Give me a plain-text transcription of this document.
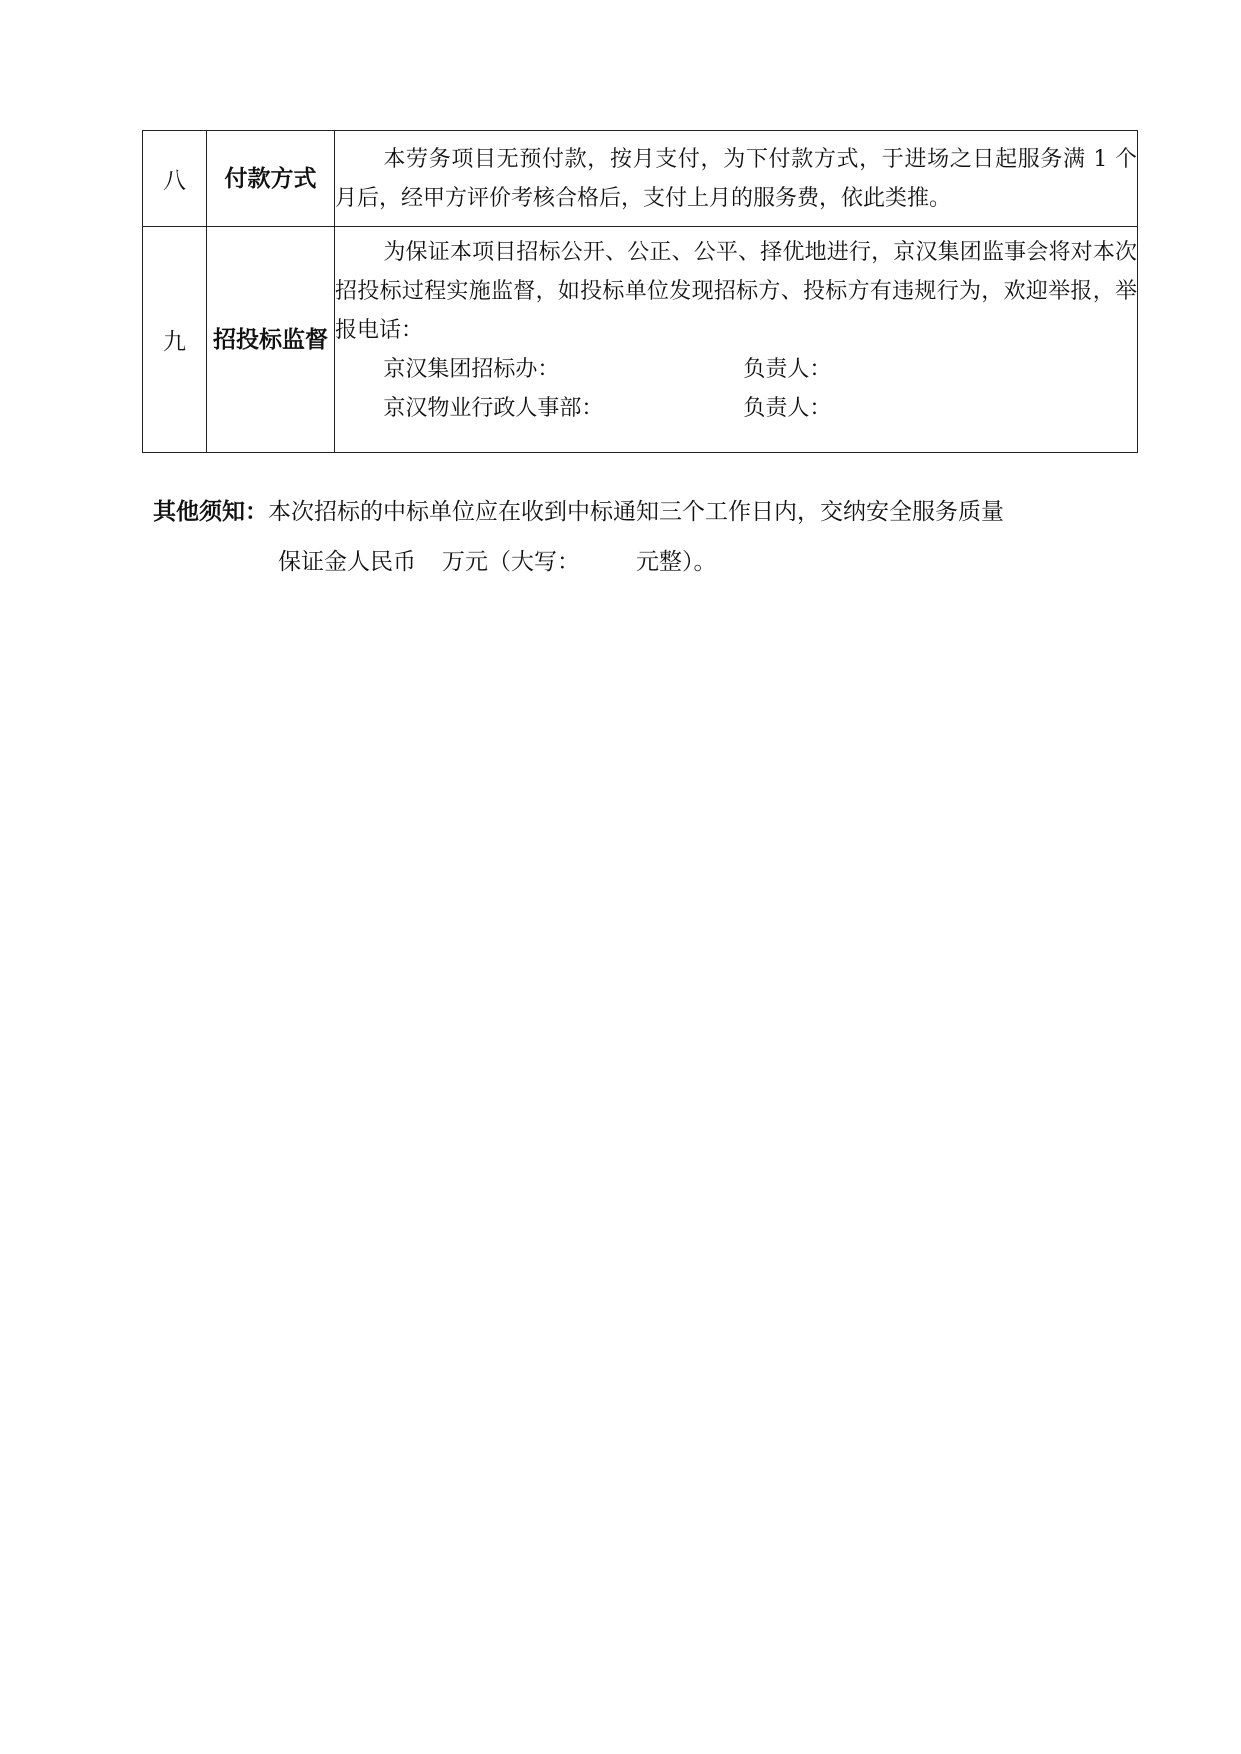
八	付款方式	本劳务项目无预付款，按月支付，为下付款方式，于进场之日起服务满 1 个月后，经甲方评价考核合格后，支付上月的服务费，依此类推。

九	招投标监督	为保证本项目招标公开、公正、公平、择优地进行，京汉集团监事会将对本次招投标过程实施监督，如投标单位发现招标方、投标方有违规行为，欢迎举报，举报电话：

京汉集团招标办： 负责人：

京汉物业行政人事部： 负责人：

其他须知：本次招标的中标单位应在收到中标通知三个工作日内，交纳安全服务质量
保证金人民币 万元（大写： 元整）。
